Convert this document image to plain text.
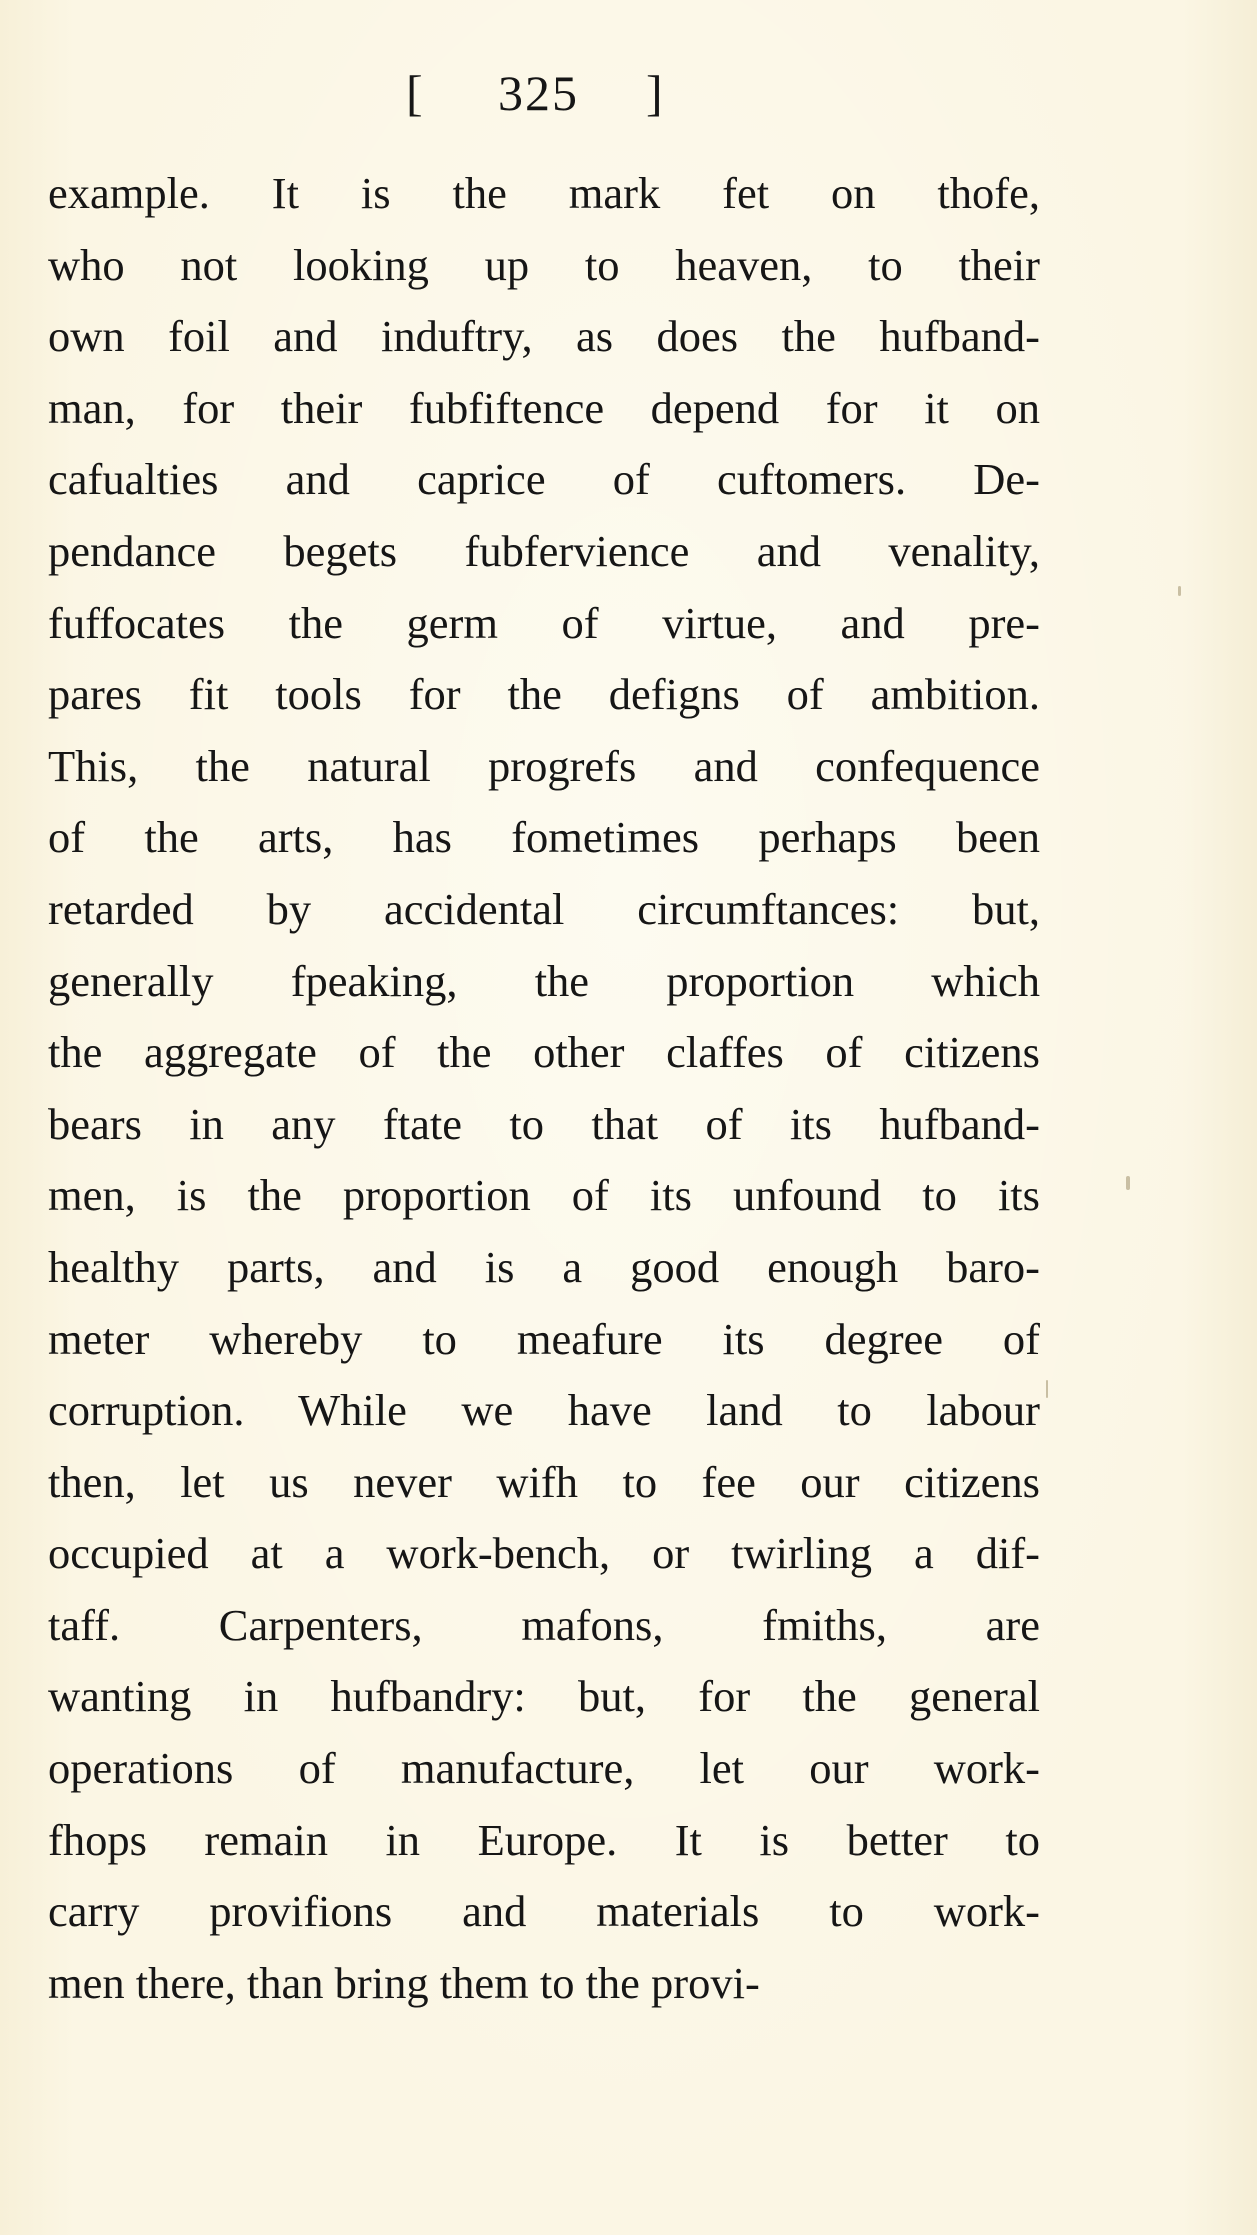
[ 325 ]
example. It is the mark fet on thofe,
who not looking up to heaven, to their
own foil and induftry, as does the hufband-
man, for their fubfiftence depend for it on
cafualties and caprice of cuftomers. De-
pendance begets fubfervience and venality,
fuffocates the germ of virtue, and pre-
pares fit tools for the defigns of ambition.
This, the natural progrefs and confequence
of the arts, has fometimes perhaps been
retarded by accidental circumftances: but,
generally fpeaking, the proportion which
the aggregate of the other claffes of citizens
bears in any ftate to that of its hufband-
men, is the proportion of its unfound to its
healthy parts, and is a good enough baro-
meter whereby to meafure its degree of
corruption. While we have land to labour
then, let us never wifh to fee our citizens
occupied at a work-bench, or twirling a dif-
taff. Carpenters, mafons, fmiths, are
wanting in hufbandry: but, for the general
operations of manufacture, let our work-
fhops remain in Europe. It is better to
carry provifions and materials to work-
men there, than bring them to the provi-
